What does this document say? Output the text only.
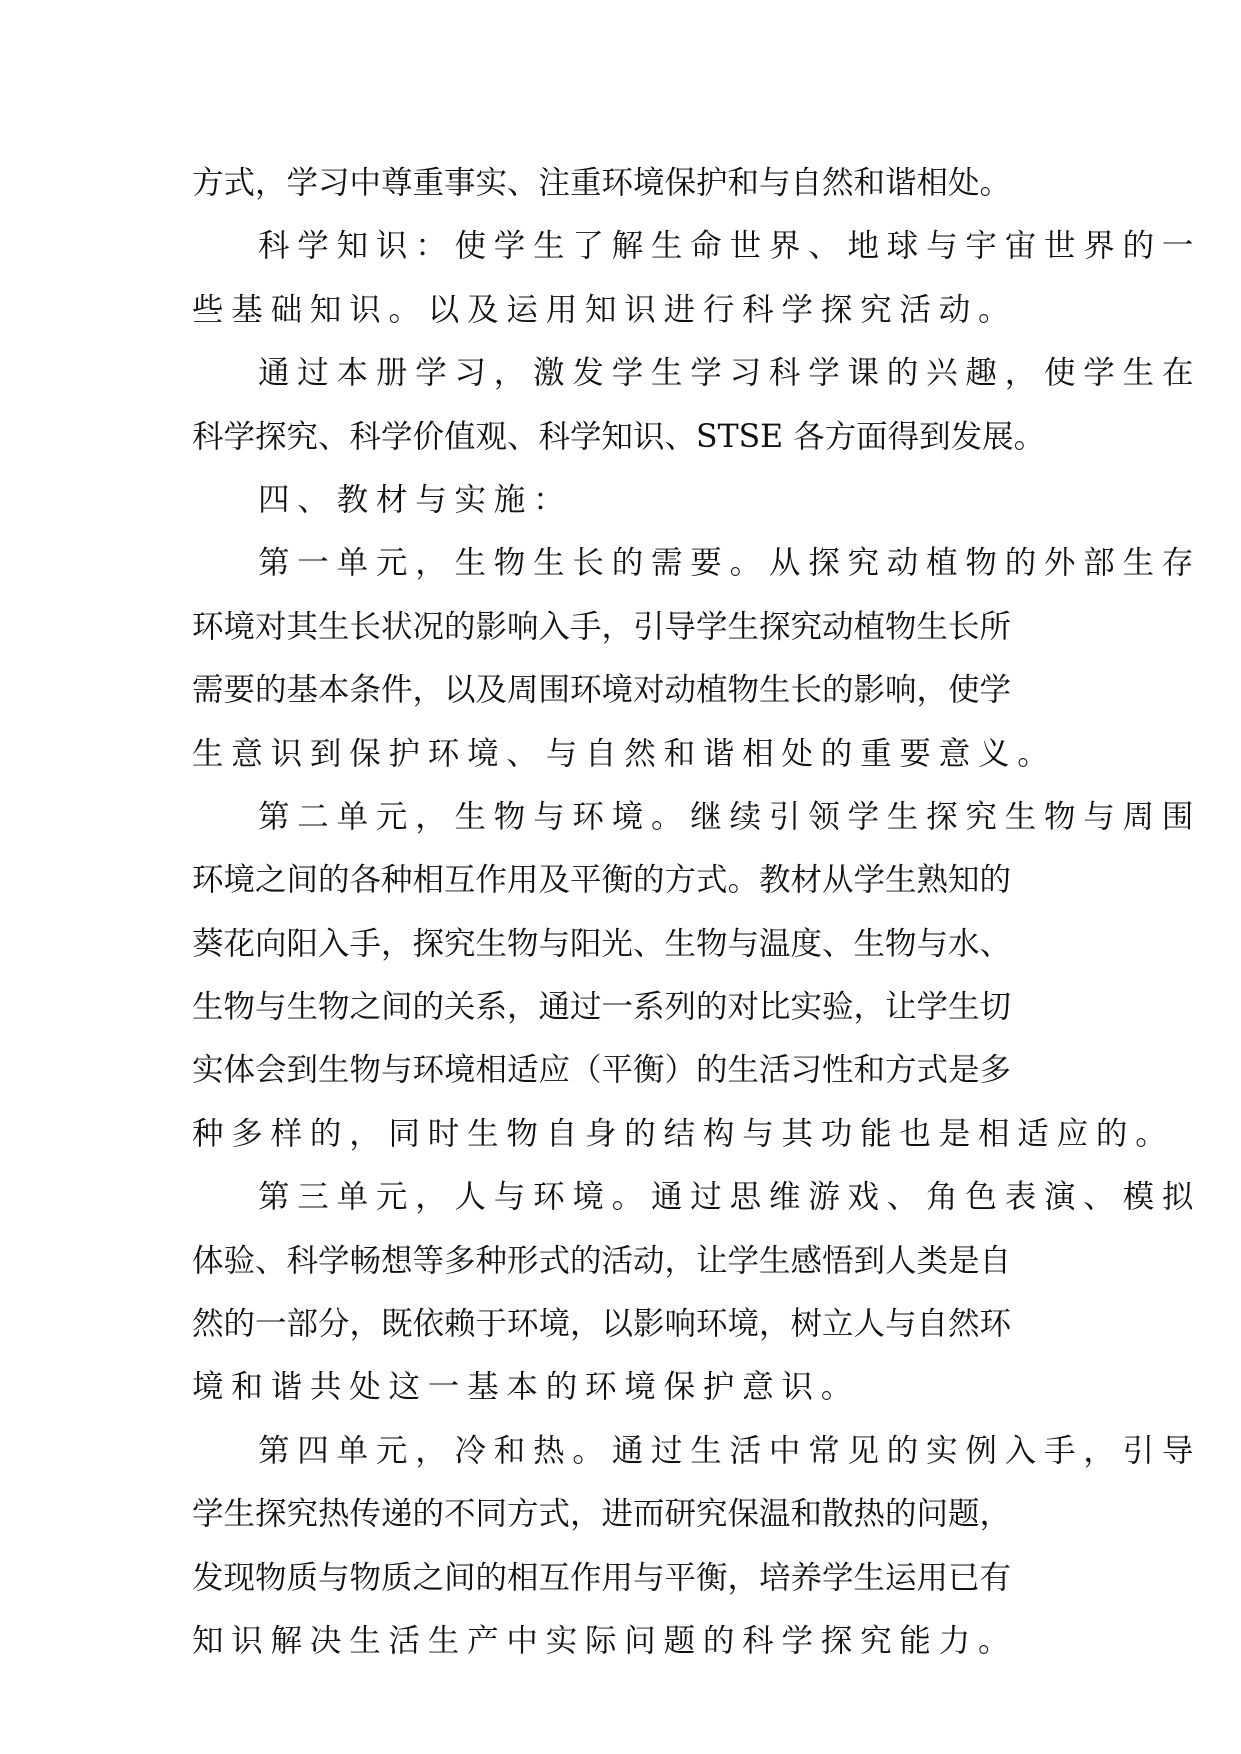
方式，学习中尊重事实、注重环境保护和与自然和谐相处。
科学知识：使学生了解生命世界、地球与宇宙世界的一
些基础知识。以及运用知识进行科学探究活动。
通过本册学习，激发学生学习科学课的兴趣，使学生在
科学探究、科学价值观、科学知识、STSE 各方面得到发展。
四、教材与实施：
第一单元，生物生长的需要。从探究动植物的外部生存
环境对其生长状况的影响入手，引导学生探究动植物生长所
需要的基本条件，以及周围环境对动植物生长的影响，使学
生意识到保护环境、与自然和谐相处的重要意义。
第二单元，生物与环境。继续引领学生探究生物与周围
环境之间的各种相互作用及平衡的方式。教材从学生熟知的
葵花向阳入手，探究生物与阳光、生物与温度、生物与水、
生物与生物之间的关系，通过一系列的对比实验，让学生切
实体会到生物与环境相适应（平衡）的生活习性和方式是多
种多样的，同时生物自身的结构与其功能也是相适应的。
第三单元，人与环境。通过思维游戏、角色表演、模拟
体验、科学畅想等多种形式的活动，让学生感悟到人类是自
然的一部分，既依赖于环境，以影响环境，树立人与自然环
境和谐共处这一基本的环境保护意识。
第四单元，冷和热。通过生活中常见的实例入手，引导
学生探究热传递的不同方式，进而研究保温和散热的问题，
发现物质与物质之间的相互作用与平衡，培养学生运用已有
知识解决生活生产中实际问题的科学探究能力。
